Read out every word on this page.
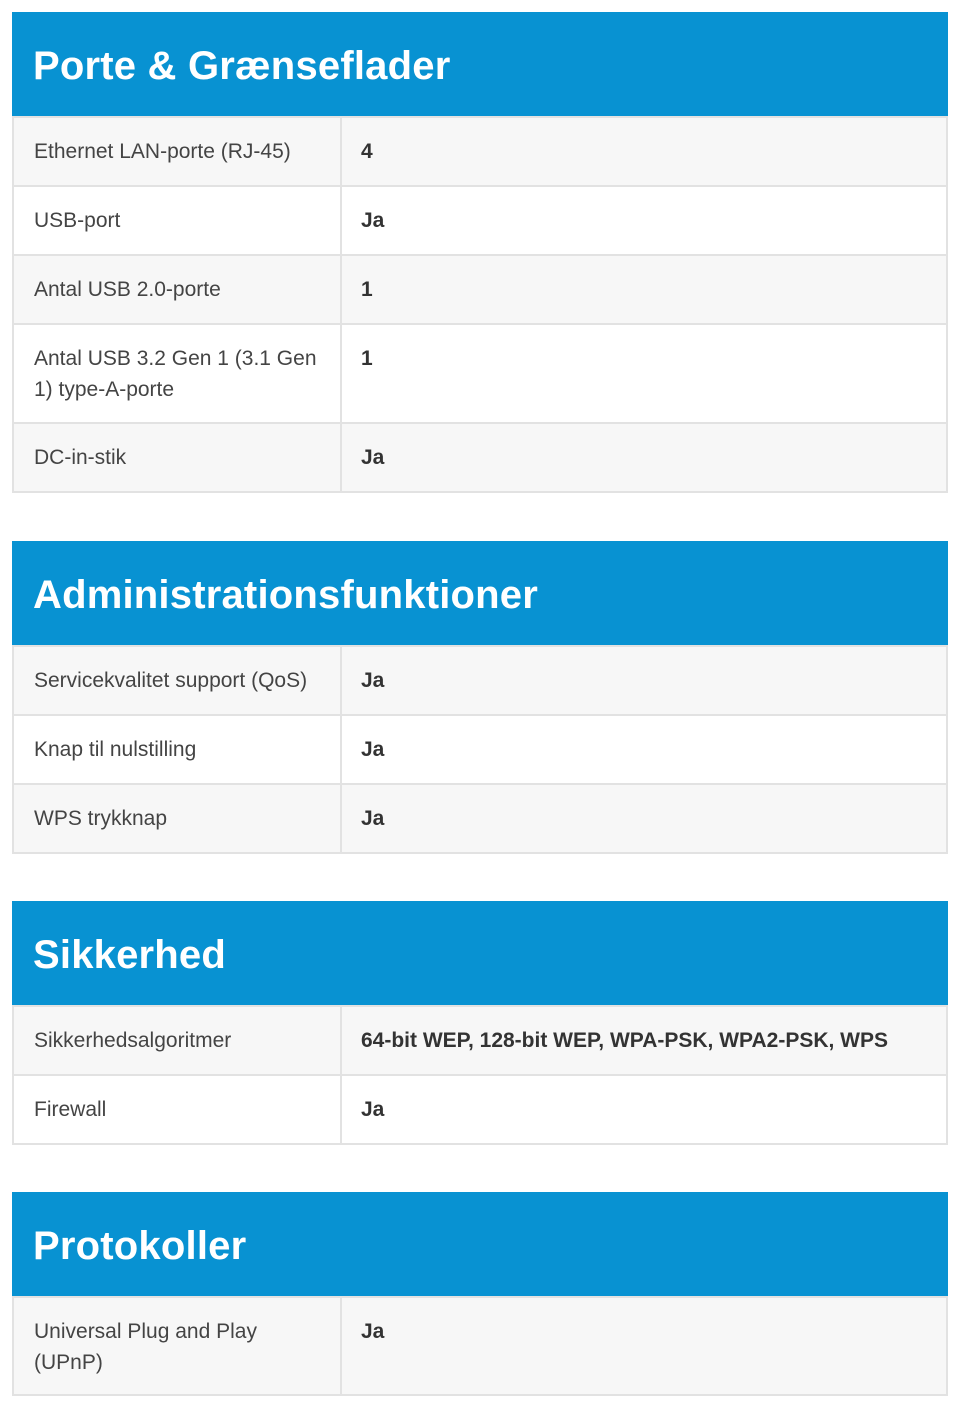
Porte & Grænseflader
Ethernet LAN-porte (RJ-45)	4
USB-port	Ja
Antal USB 2.0-porte	1
Antal USB 3.2 Gen 1 (3.1 Gen 1) type-A-porte	1
DC-in-stik	Ja
Administrationsfunktioner
Servicekvalitet support (QoS)	Ja
Knap til nulstilling	Ja
WPS trykknap	Ja
Sikkerhed
Sikkerhedsalgoritmer	64-bit WEP, 128-bit WEP, WPA-PSK, WPA2-PSK, WPS
Firewall	Ja
Protokoller
Universal Plug and Play (UPnP)	Ja
